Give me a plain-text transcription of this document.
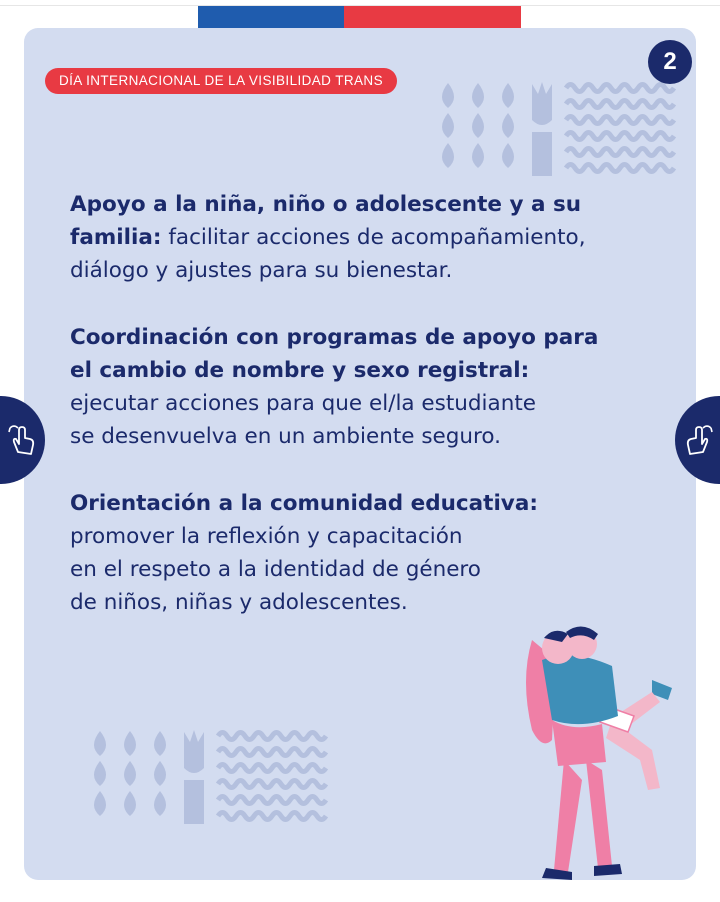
DÍA INTERNACIONAL DE LA VISIBILIDAD TRANS
2

Apoyo a la niña, niño o adolescente y a su
familia: facilitar acciones de acompañamiento,
diálogo y ajustes para su bienestar.

Coordinación con programas de apoyo para
el cambio de nombre y sexo registral:
ejecutar acciones para que el/la estudiante
se desenvuelva en un ambiente seguro.

Orientación a la comunidad educativa:
promover la reflexión y capacitación
en el respeto a la identidad de género
de niños, niñas y adolescentes.
